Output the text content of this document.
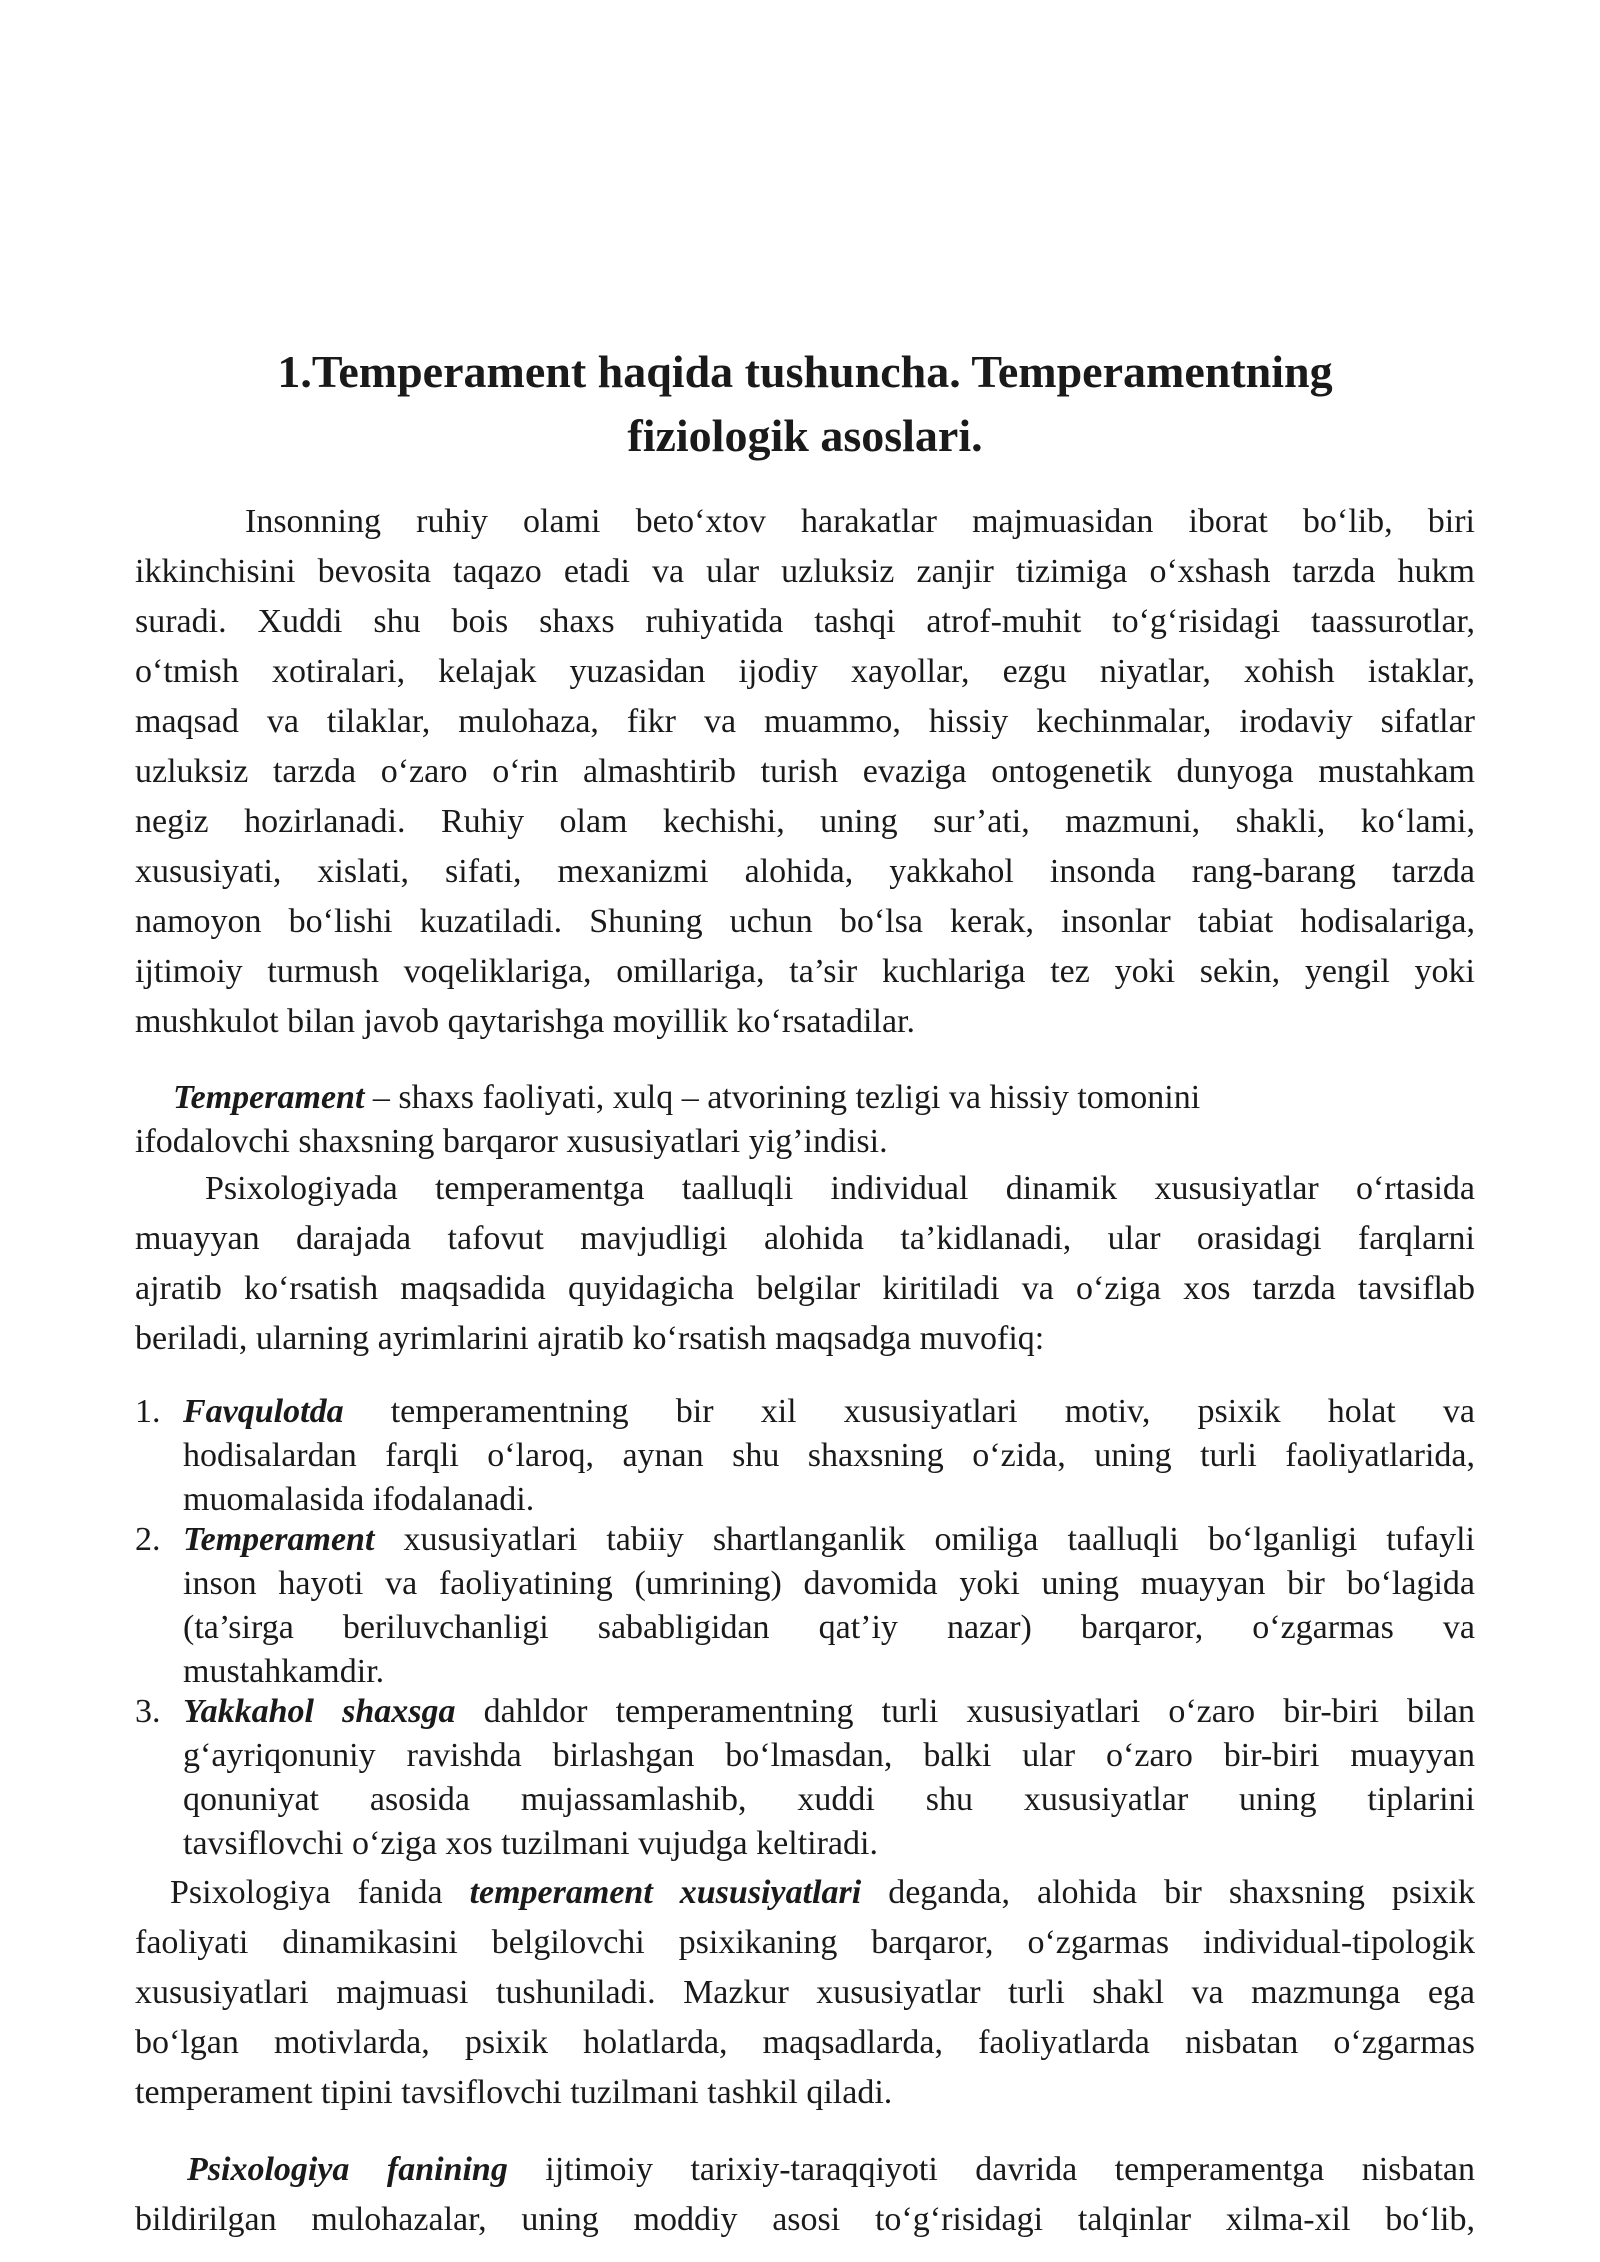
1.Temperament haqida tushuncha. Temperamentning
fiziologik asoslari.
Insonning ruhiy olami beto‘xtov harakatlar majmuasidan iborat bo‘lib, biri
ikkinchisini bevosita taqazo etadi va ular uzluksiz zanjir tizimiga o‘xshash tarzda hukm
suradi. Xuddi shu bois shaxs ruhiyatida tashqi atrof-muhit to‘g‘risidagi taassurotlar,
o‘tmish xotiralari, kelajak yuzasidan ijodiy xayollar, ezgu niyatlar, xohish istaklar,
maqsad va tilaklar, mulohaza, fikr va muammo, hissiy kechinmalar, irodaviy sifatlar
uzluksiz tarzda o‘zaro o‘rin almashtirib turish evaziga ontogenetik dunyoga mustahkam
negiz hozirlanadi. Ruhiy olam kechishi, uning sur’ati, mazmuni, shakli, ko‘lami,
xususiyati, xislati, sifati, mexanizmi alohida, yakkahol insonda rang-barang tarzda
namoyon bo‘lishi kuzatiladi. Shuning uchun bo‘lsa kerak, insonlar tabiat hodisalariga,
ijtimoiy turmush voqeliklariga, omillariga, ta’sir kuchlariga tez yoki sekin, yengil yoki
mushkulot bilan javob qaytarishga moyillik ko‘rsatadilar.
Temperament – shaxs faoliyati, xulq – atvorining tezligi va hissiy tomonini
ifodalovchi shaxsning barqaror xususiyatlari yig’indisi.
Psixologiyada temperamentga taalluqli individual dinamik xususiyatlar o‘rtasida
muayyan darajada tafovut mavjudligi alohida ta’kidlanadi, ular orasidagi farqlarni
ajratib ko‘rsatish maqsadida quyidagicha belgilar kiritiladi va o‘ziga xos tarzda tavsiflab
beriladi, ularning ayrimlarini ajratib ko‘rsatish maqsadga muvofiq:
1. Favqulotda temperamentning bir xil xususiyatlari motiv, psixik holat va
hodisalardan farqli o‘laroq, aynan shu shaxsning o‘zida, uning turli faoliyatlarida,
muomalasida ifodalanadi.
2. Temperament xususiyatlari tabiiy shartlanganlik omiliga taalluqli bo‘lganligi tufayli
inson hayoti va faoliyatining (umrining) davomida yoki uning muayyan bir bo‘lagida
(ta’sirga beriluvchanligi sababligidan qat’iy nazar) barqaror, o‘zgarmas va
mustahkamdir.
3. Yakkahol shaxsga dahldor temperamentning turli xususiyatlari o‘zaro bir-biri bilan
g‘ayriqonuniy ravishda birlashgan bo‘lmasdan, balki ular o‘zaro bir-biri muayyan
qonuniyat asosida mujassamlashib, xuddi shu xususiyatlar uning tiplarini
tavsiflovchi o‘ziga xos tuzilmani vujudga keltiradi.
Psixologiya fanida temperament xususiyatlari deganda, alohida bir shaxsning psixik
faoliyati dinamikasini belgilovchi psixikaning barqaror, o‘zgarmas individual-tipologik
xususiyatlari majmuasi tushuniladi. Mazkur xususiyatlar turli shakl va mazmunga ega
bo‘lgan motivlarda, psixik holatlarda, maqsadlarda, faoliyatlarda nisbatan o‘zgarmas
temperament tipini tavsiflovchi tuzilmani tashkil qiladi.
Psixologiya fanining ijtimoiy tarixiy-taraqqiyoti davrida temperamentga nisbatan
bildirilgan mulohazalar, uning moddiy asosi to‘g‘risidagi talqinlar xilma-xil bo‘lib,
